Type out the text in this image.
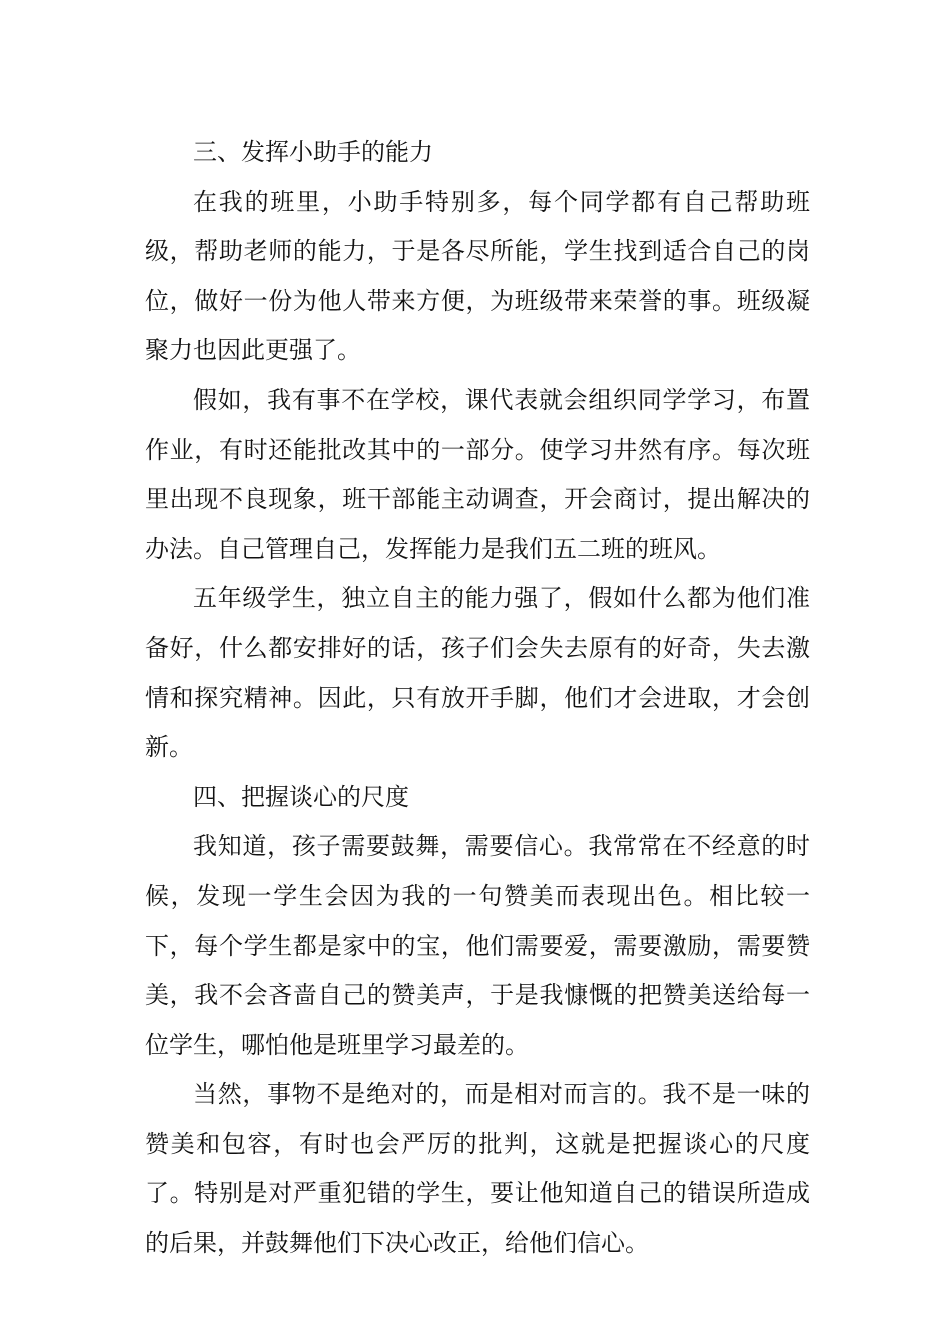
三、发挥小助手的能力

在我的班里，小助手特别多，每个同学都有自己帮助班级，帮助老师的能力，于是各尽所能，学生找到适合自己的岗位，做好一份为他人带来方便，为班级带来荣誉的事。班级凝聚力也因此更强了。

假如，我有事不在学校，课代表就会组织同学学习，布置作业，有时还能批改其中的一部分。使学习井然有序。每次班里出现不良现象，班干部能主动调查，开会商讨，提出解决的办法。自己管理自己，发挥能力是我们五二班的班风。

五年级学生，独立自主的能力强了，假如什么都为他们准备好，什么都安排好的话，孩子们会失去原有的好奇，失去激情和探究精神。因此，只有放开手脚，他们才会进取，才会创新。

四、把握谈心的尺度

我知道，孩子需要鼓舞，需要信心。我常常在不经意的时候，发现一学生会因为我的一句赞美而表现出色。相比较一下，每个学生都是家中的宝，他们需要爱，需要激励，需要赞美，我不会吝啬自己的赞美声，于是我慷慨的把赞美送给每一位学生，哪怕他是班里学习最差的。

当然，事物不是绝对的，而是相对而言的。我不是一味的赞美和包容，有时也会严厉的批判，这就是把握谈心的尺度了。特别是对严重犯错的学生，要让他知道自己的错误所造成的后果，并鼓舞他们下决心改正，给他们信心。
